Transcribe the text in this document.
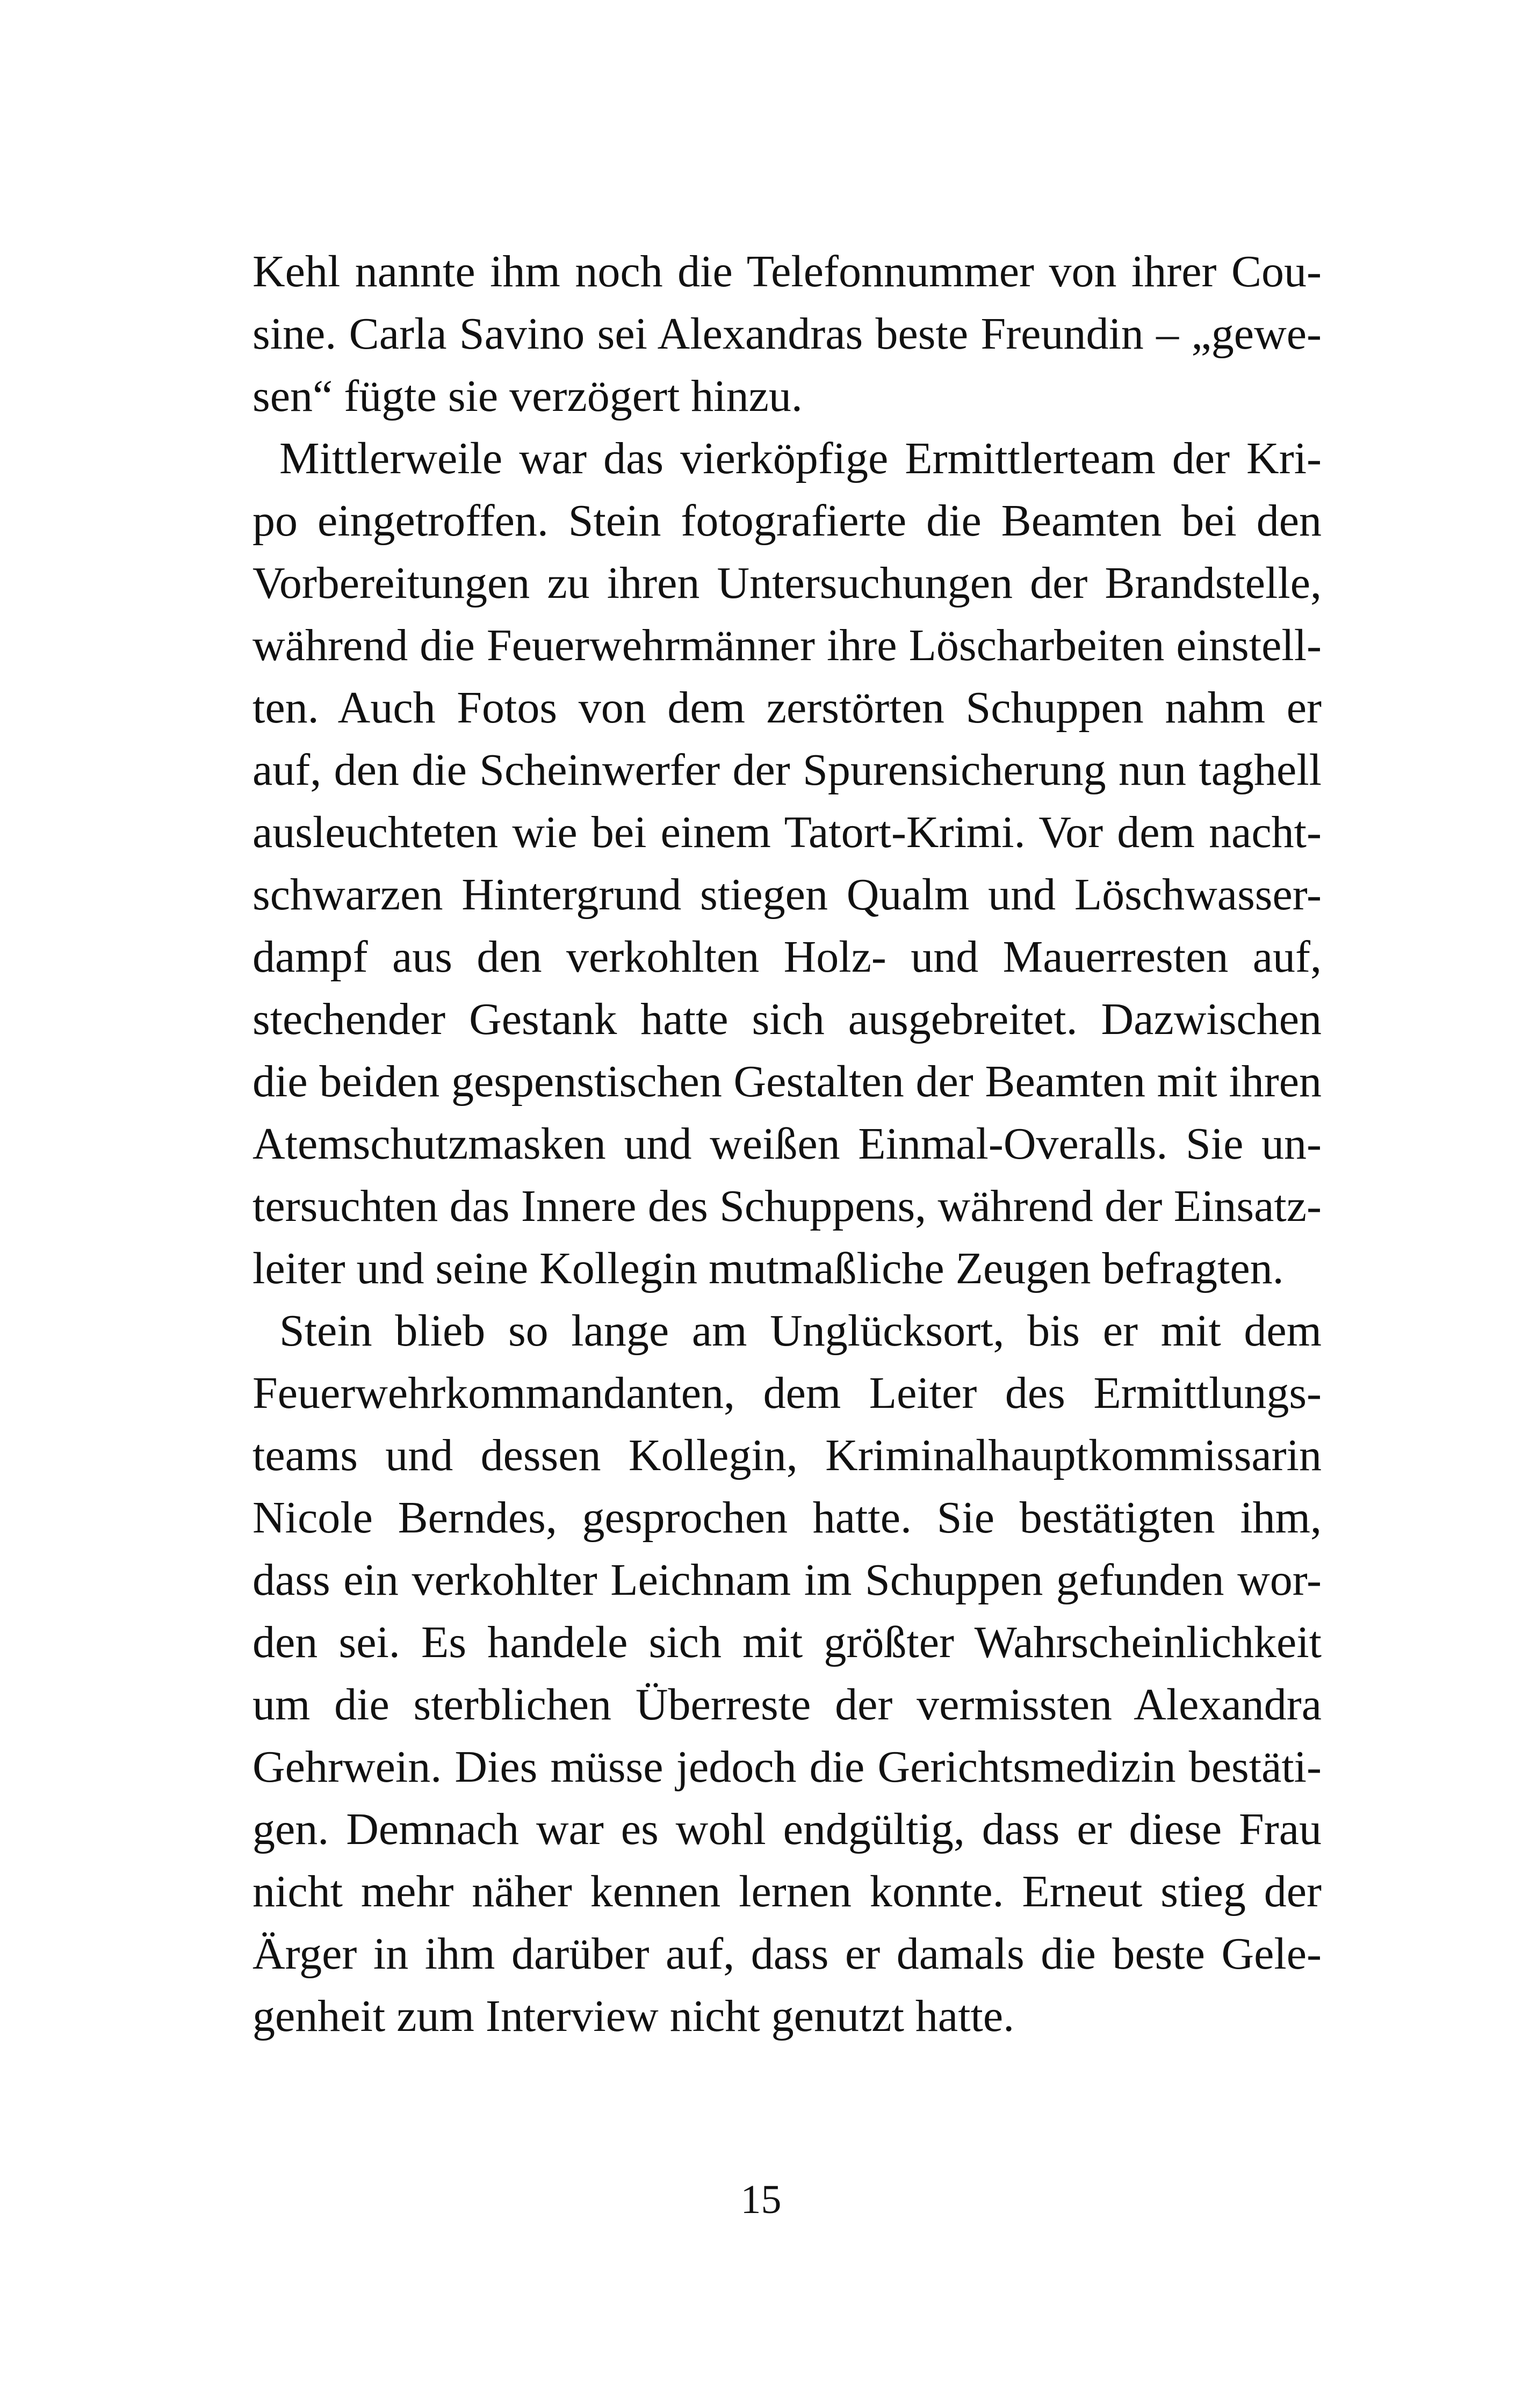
Kehl nannte ihm noch die Telefonnummer von ihrer Cou-
sine. Carla Savino sei Alexandras beste Freundin – „gewe-
sen“ fügte sie verzögert hinzu.
Mittlerweile war das vierköpfige Ermittlerteam der Kri-
po eingetroffen. Stein fotografierte die Beamten bei den
Vorbereitungen zu ihren Untersuchungen der Brandstelle,
während die Feuerwehrmänner ihre Löscharbeiten einstell-
ten. Auch Fotos von dem zerstörten Schuppen nahm er
auf, den die Scheinwerfer der Spurensicherung nun taghell
ausleuchteten wie bei einem Tatort-Krimi. Vor dem nacht-
schwarzen Hintergrund stiegen Qualm und Löschwasser-
dampf aus den verkohlten Holz- und Mauerresten auf,
stechender Gestank hatte sich ausgebreitet. Dazwischen
die beiden gespenstischen Gestalten der Beamten mit ihren
Atemschutzmasken und weißen Einmal-Overalls. Sie un-
tersuchten das Innere des Schuppens, während der Einsatz-
leiter und seine Kollegin mutmaßliche Zeugen befragten.
Stein blieb so lange am Unglücksort, bis er mit dem
Feuerwehrkommandanten, dem Leiter des Ermittlungs-
teams und dessen Kollegin, Kriminalhauptkommissarin
Nicole Berndes, gesprochen hatte. Sie bestätigten ihm,
dass ein verkohlter Leichnam im Schuppen gefunden wor-
den sei. Es handele sich mit größter Wahrscheinlichkeit
um die sterblichen Überreste der vermissten Alexandra
Gehrwein. Dies müsse jedoch die Gerichtsmedizin bestäti-
gen. Demnach war es wohl endgültig, dass er diese Frau
nicht mehr näher kennen lernen konnte. Erneut stieg der
Ärger in ihm darüber auf, dass er damals die beste Gele-
genheit zum Interview nicht genutzt hatte.
15
